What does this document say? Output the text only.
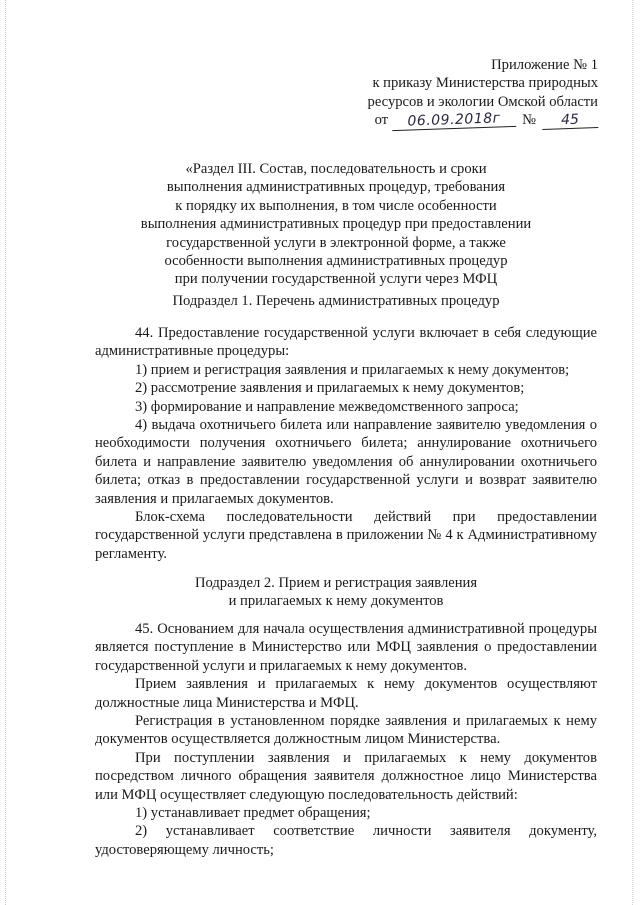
Приложение № 1
к приказу Министерства природных
ресурсов и экологии Омской области
от	06.09.2018г	№	45
«Раздел III. Состав, последовательность и сроки
выполнения административных процедур, требования
к порядку их выполнения, в том числе особенности
выполнения административных процедур при предоставлении
государственной услуги в электронной форме, а также
особенности выполнения административных процедур
при получении государственной услуги через МФЦ
Подраздел 1. Перечень административных процедур

44. Предоставление государственной услуги включает в себя следующие административные процедуры:

1) прием и регистрация заявления и прилагаемых к нему документов;

2) рассмотрение заявления и прилагаемых к нему документов;

3) формирование и направление межведомственного запроса;

4) выдача охотничьего билета или направление заявителю уведомления о необходимости получения охотничьего билета; аннулирование охотничьего билета и направление заявителю уведомления об аннулировании охотничьего билета; отказ в предоставлении государственной услуги и возврат заявителю заявления и прилагаемых документов.

Блок-схема последовательности действий при предоставлении государственной услуги представлена в приложении № 4 к Административному регламенту.

Подраздел 2. Прием и регистрация заявления
и прилагаемых к нему документов

45. Основанием для начала осуществления административной процедуры является поступление в Министерство или МФЦ заявления о предоставлении государственной услуги и прилагаемых к нему документов.

Прием заявления и прилагаемых к нему документов осуществляют должностные лица Министерства и МФЦ.

Регистрация в установленном порядке заявления и прилагаемых к нему документов осуществляется должностным лицом Министерства.

При поступлении заявления и прилагаемых к нему документов посредством личного обращения заявителя должностное лицо Министерства или МФЦ осуществляет следующую последовательность действий:

1) устанавливает предмет обращения;

2) устанавливает соответствие личности заявителя документу, удостоверяющему личность;
